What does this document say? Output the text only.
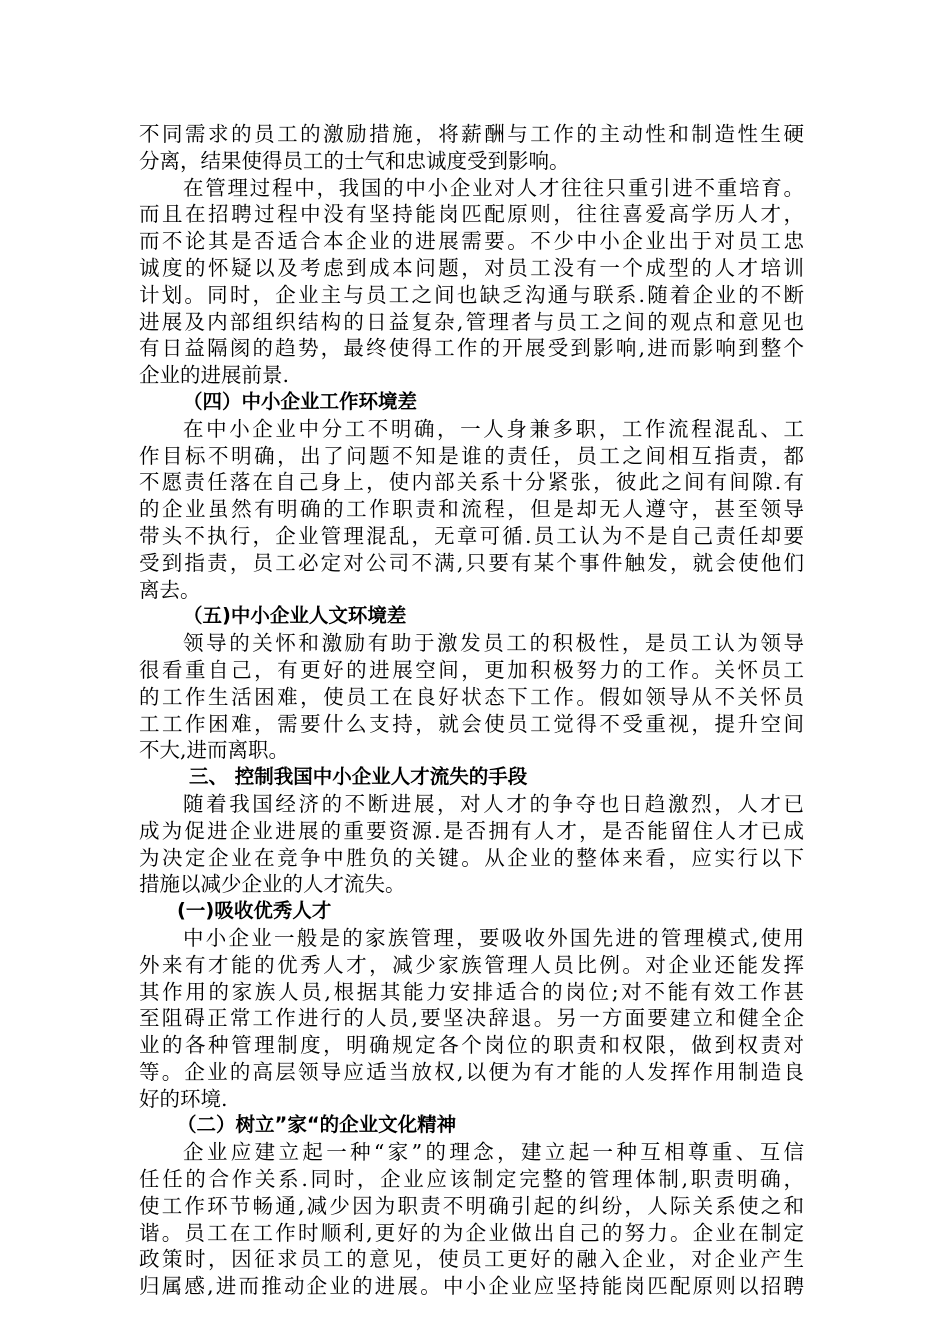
不同需求的员工的激励措施，将薪酬与工作的主动性和制造性生硬
分离，结果使得员工的士气和忠诚度受到影响。
在管理过程中，我国的中小企业对人才往往只重引进不重培育。
而且在招聘过程中没有坚持能岗匹配原则，往往喜爱高学历人才，
而不论其是否适合本企业的进展需要。不少中小企业出于对员工忠
诚度的怀疑以及考虑到成本问题，对员工没有一个成型的人才培训
计划。同时，企业主与员工之间也缺乏沟通与联系.随着企业的不断
进展及内部组织结构的日益复杂,管理者与员工之间的观点和意见也
有日益隔阂的趋势，最终使得工作的开展受到影响,进而影响到整个
企业的进展前景.
（四）中小企业工作环境差
在中小企业中分工不明确，一人身兼多职，工作流程混乱、工
作目标不明确，出了问题不知是谁的责任，员工之间相互指责，都
不愿责任落在自己身上，使内部关系十分紧张，彼此之间有间隙.有
的企业虽然有明确的工作职责和流程，但是却无人遵守，甚至领导
带头不执行，企业管理混乱，无章可循.员工认为不是自己责任却要
受到指责，员工必定对公司不满,只要有某个事件触发，就会使他们
离去。
（五)中小企业人文环境差
领导的关怀和激励有助于激发员工的积极性，是员工认为领导
很看重自己，有更好的进展空间，更加积极努力的工作。关怀员工
的工作生活困难，使员工在良好状态下工作。假如领导从不关怀员
工工作困难，需要什么支持，就会使员工觉得不受重视，提升空间
不大,进而离职。
三、 控制我国中小企业人才流失的手段
随着我国经济的不断进展，对人才的争夺也日趋激烈，人才已
成为促进企业进展的重要资源.是否拥有人才，是否能留住人才已成
为决定企业在竞争中胜负的关键。从企业的整体来看，应实行以下
措施以减少企业的人才流失。
(一)吸收优秀人才
中小企业一般是的家族管理，要吸收外国先进的管理模式,使用
外来有才能的优秀人才，减少家族管理人员比例。对企业还能发挥
其作用的家族人员,根据其能力安排适合的岗位;对不能有效工作甚
至阻碍正常工作进行的人员,要坚决辞退。另一方面要建立和健全企
业的各种管理制度，明确规定各个岗位的职责和权限，做到权责对
等。企业的高层领导应适当放权,以便为有才能的人发挥作用制造良
好的环境.
（二）树立”家“的企业文化精神
企业应建立起一种“家”的理念，建立起一种互相尊重、互信
任任的合作关系.同时，企业应该制定完整的管理体制,职责明确，
使工作环节畅通,减少因为职责不明确引起的纠纷，人际关系使之和
谐。员工在工作时顺利,更好的为企业做出自己的努力。企业在制定
政策时，因征求员工的意见，使员工更好的融入企业，对企业产生
归属感,进而推动企业的进展。中小企业应坚持能岗匹配原则以招聘
